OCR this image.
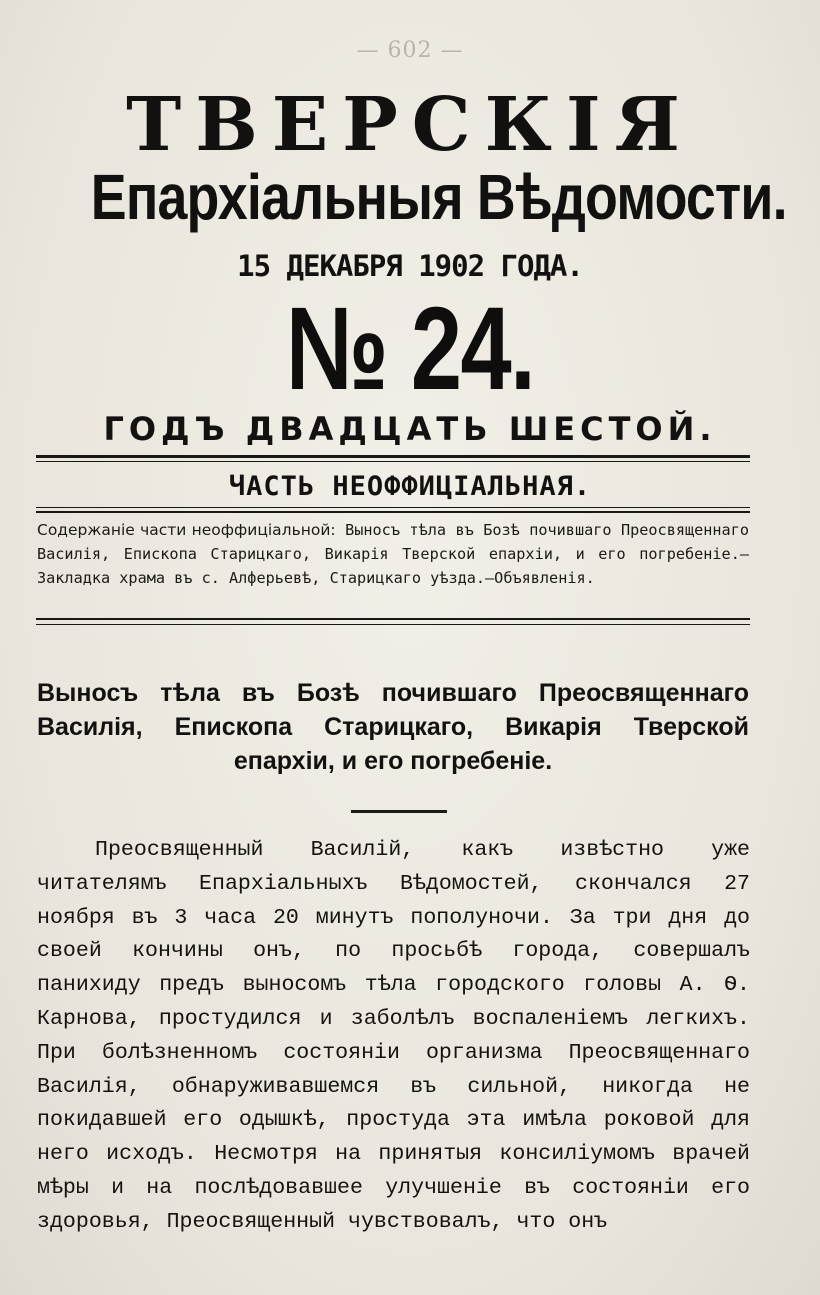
— 602 —
ТВЕРСКІЯ
Епархіальныя Вѣдомости.
15 ДЕКАБРЯ 1902 ГОДА.
№ 24.
ГОДЪ ДВАДЦАТЬ ШЕСТОЙ.
ЧАСТЬ НЕОФФИЦІАЛЬНАЯ.
Содержаніе части неоффиціальной: Выносъ тѣла въ Бозѣ почившаго Преосвященнаго Василія, Епископа Старицкаго, Викарія Тверской епархіи, и его погребеніе.—Закладка храма въ с. Алферьевѣ, Старицкаго уѣзда.—Объявленія.
Выносъ тѣла въ Бозѣ почившаго Преосвященнаго Василія, Епископа Старицкаго, Викарія Тверской епархіи, и его погребеніе.

Преосвященный Василій, какъ извѣстно уже читателямъ Епархіальныхъ Вѣдомостей, скончался 27 ноября въ 3 часа 20 минутъ пополуночи. За три дня до своей кончины онъ, по просьбѣ города, совершалъ панихиду предъ выносомъ тѣла городского головы А. Ѳ. Карнова, простудился и заболѣлъ воспаленіемъ легкихъ. При болѣзненномъ состояніи организма Преосвященнаго Василія, обнаруживавшемся въ сильной, никогда не покидавшей его одышкѣ, простуда эта имѣла роковой для него исходъ. Несмотря на принятыя консиліумомъ врачей мѣры и на послѣдовавшее улучшеніе въ состояніи его здоровья, Преосвященный чувствовалъ, что онъ
